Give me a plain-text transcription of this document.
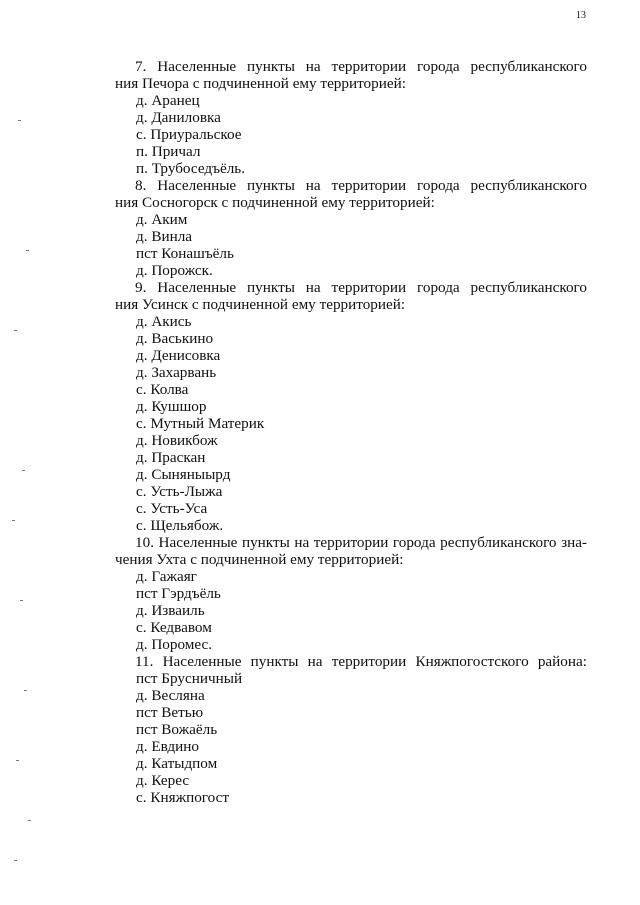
13
7. Населенные пункты на территории города республиканского
ния Печора с подчиненной ему территорией:
д. Аранец
д. Даниловка
с. Приуральское
п. Причал
п. Трубоседъёль.
8. Населенные пункты на территории города республиканского
ния Сосногорск с подчиненной ему территорией:
д. Аким
д. Винла
пст Конашъёль
д. Порожск.
9. Населенные пункты на территории города республиканского
ния Усинск с подчиненной ему территорией:
д. Акись
д. Васькино
д. Денисовка
д. Захарвань
с. Колва
д. Кушшор
с. Мутный Материк
д. Новикбож
д. Праскан
д. Сыняныырд
с. Усть-Лыжа
с. Усть-Уса
с. Щельябож.
10. Населенные пункты на территории города республиканского зна-
чения Ухта с подчиненной ему территорией:
д. Гажаяг
пст Гэрдъёль
д. Изваиль
с. Кедвавом
д. Поромес.
11. Населенные пункты на территории Княжпогостского района:
пст Брусничный
д. Весляна
пст Ветью
пст Вожаёль
д. Евдино
д. Катыдпом
д. Керес
с. Княжпогост
